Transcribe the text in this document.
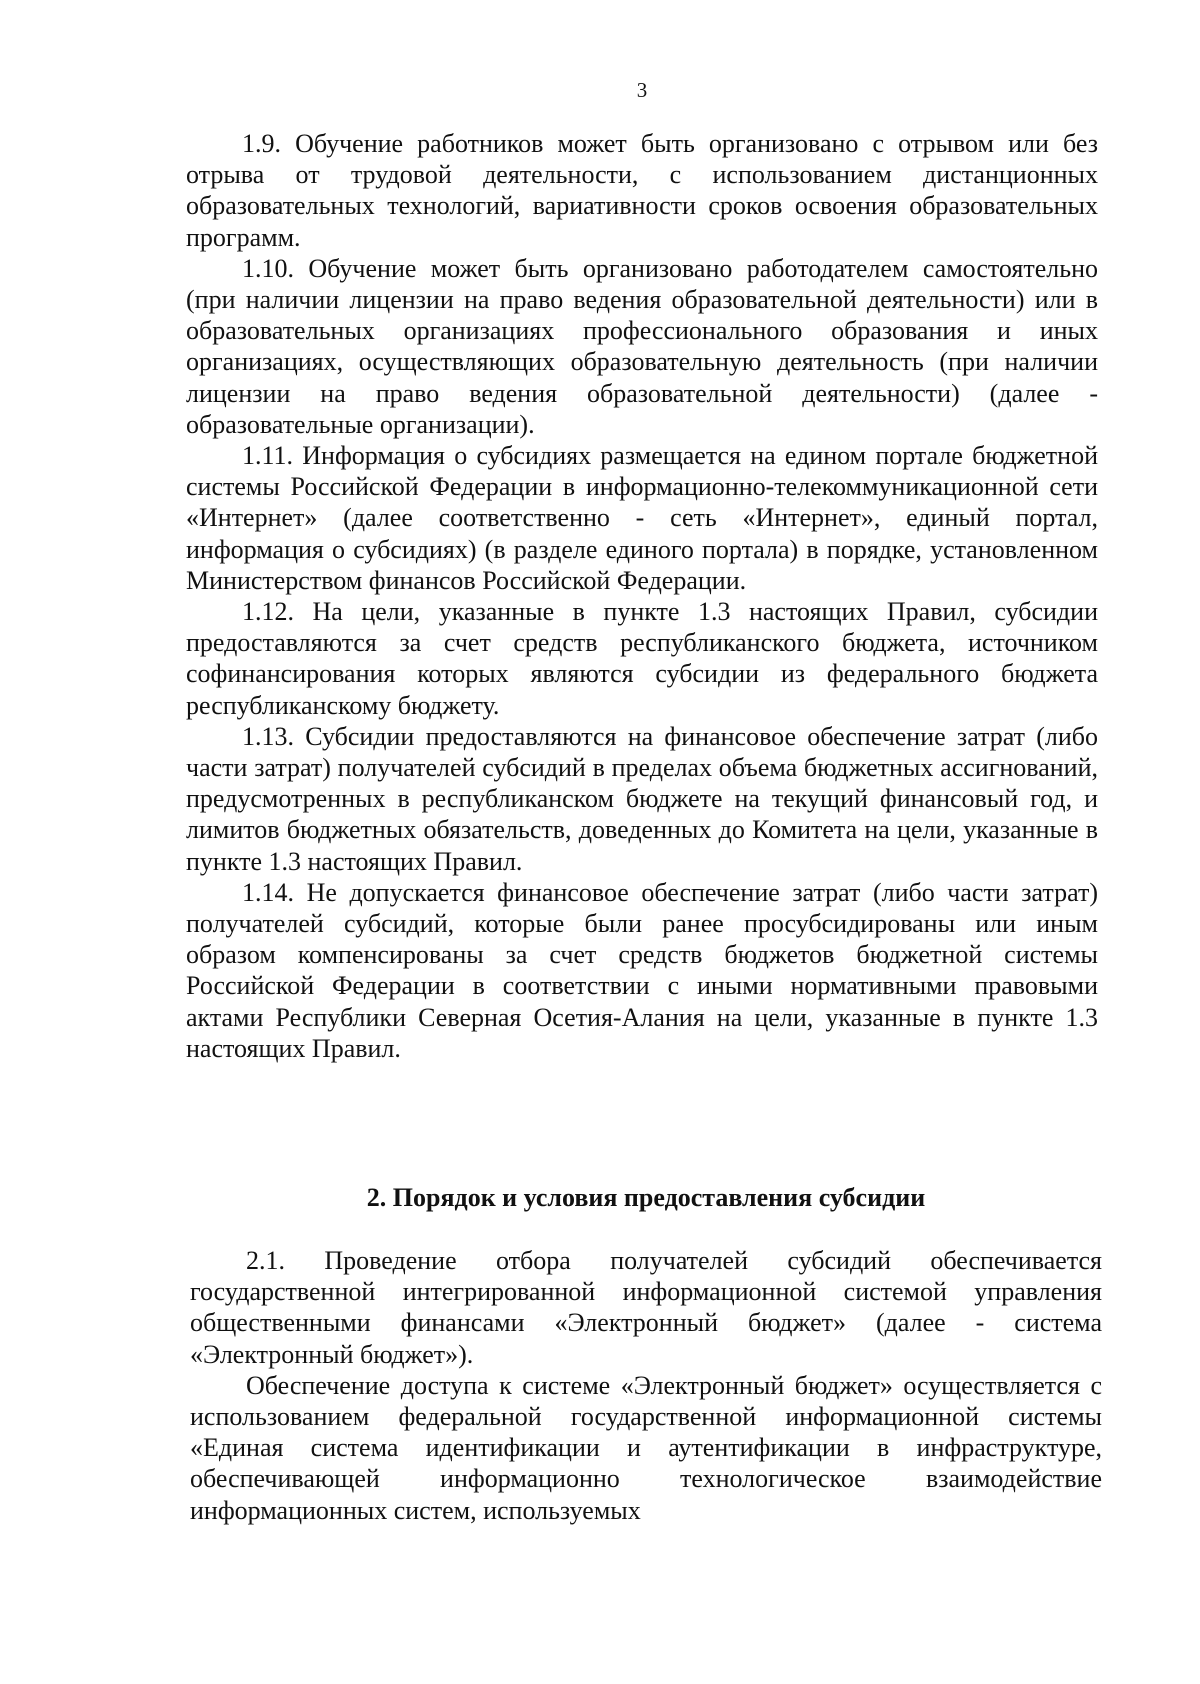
3

1.9. Обучение работников может быть организовано с отрывом или без отрыва от трудовой деятельности, с использованием дистанционных образовательных технологий, вариативности сроков освоения образовательных программ.

1.10. Обучение может быть организовано работодателем самостоятельно (при наличии лицензии на право ведения образовательной деятельности) или в образовательных организациях профессионального образования и иных организациях, осуществляющих образовательную деятельность (при наличии лицензии на право ведения образовательной деятельности) (далее - образовательные организации).

1.11. Информация о субсидиях размещается на едином портале бюджетной системы Российской Федерации в информационно-телекоммуникационной сети «Интернет» (далее соответственно - сеть «Интернет», единый портал, информация о субсидиях) (в разделе единого портала) в порядке, установленном Министерством финансов Российской Федерации.

1.12. На цели, указанные в пункте 1.3 настоящих Правил, субсидии предоставляются за счет средств республиканского бюджета, источником софинансирования которых являются субсидии из федерального бюджета республиканскому бюджету.

1.13. Субсидии предоставляются на финансовое обеспечение затрат (либо части затрат) получателей субсидий в пределах объема бюджетных ассигнований, предусмотренных в республиканском бюджете на текущий финансовый год, и лимитов бюджетных обязательств, доведенных до Комитета на цели, указанные в пункте 1.3 настоящих Правил.

1.14. Не допускается финансовое обеспечение затрат (либо части затрат) получателей субсидий, которые были ранее просубсидированы или иным образом компенсированы за счет средств бюджетов бюджетной системы Российской Федерации в соответствии с иными нормативными правовыми актами Республики Северная Осетия-Алания на цели, указанные в пункте 1.3 настоящих Правил.

2. Порядок и условия предоставления субсидии

2.1. Проведение отбора получателей субсидий обеспечивается государственной интегрированной информационной системой управления общественными финансами «Электронный бюджет» (далее - система «Электронный бюджет»).

Обеспечение доступа к системе «Электронный бюджет» осуществляется с использованием федеральной государственной информационной системы «Единая система идентификации и аутентификации в инфраструктуре, обеспечивающей информационно технологическое взаимодействие информационных систем, используемых
